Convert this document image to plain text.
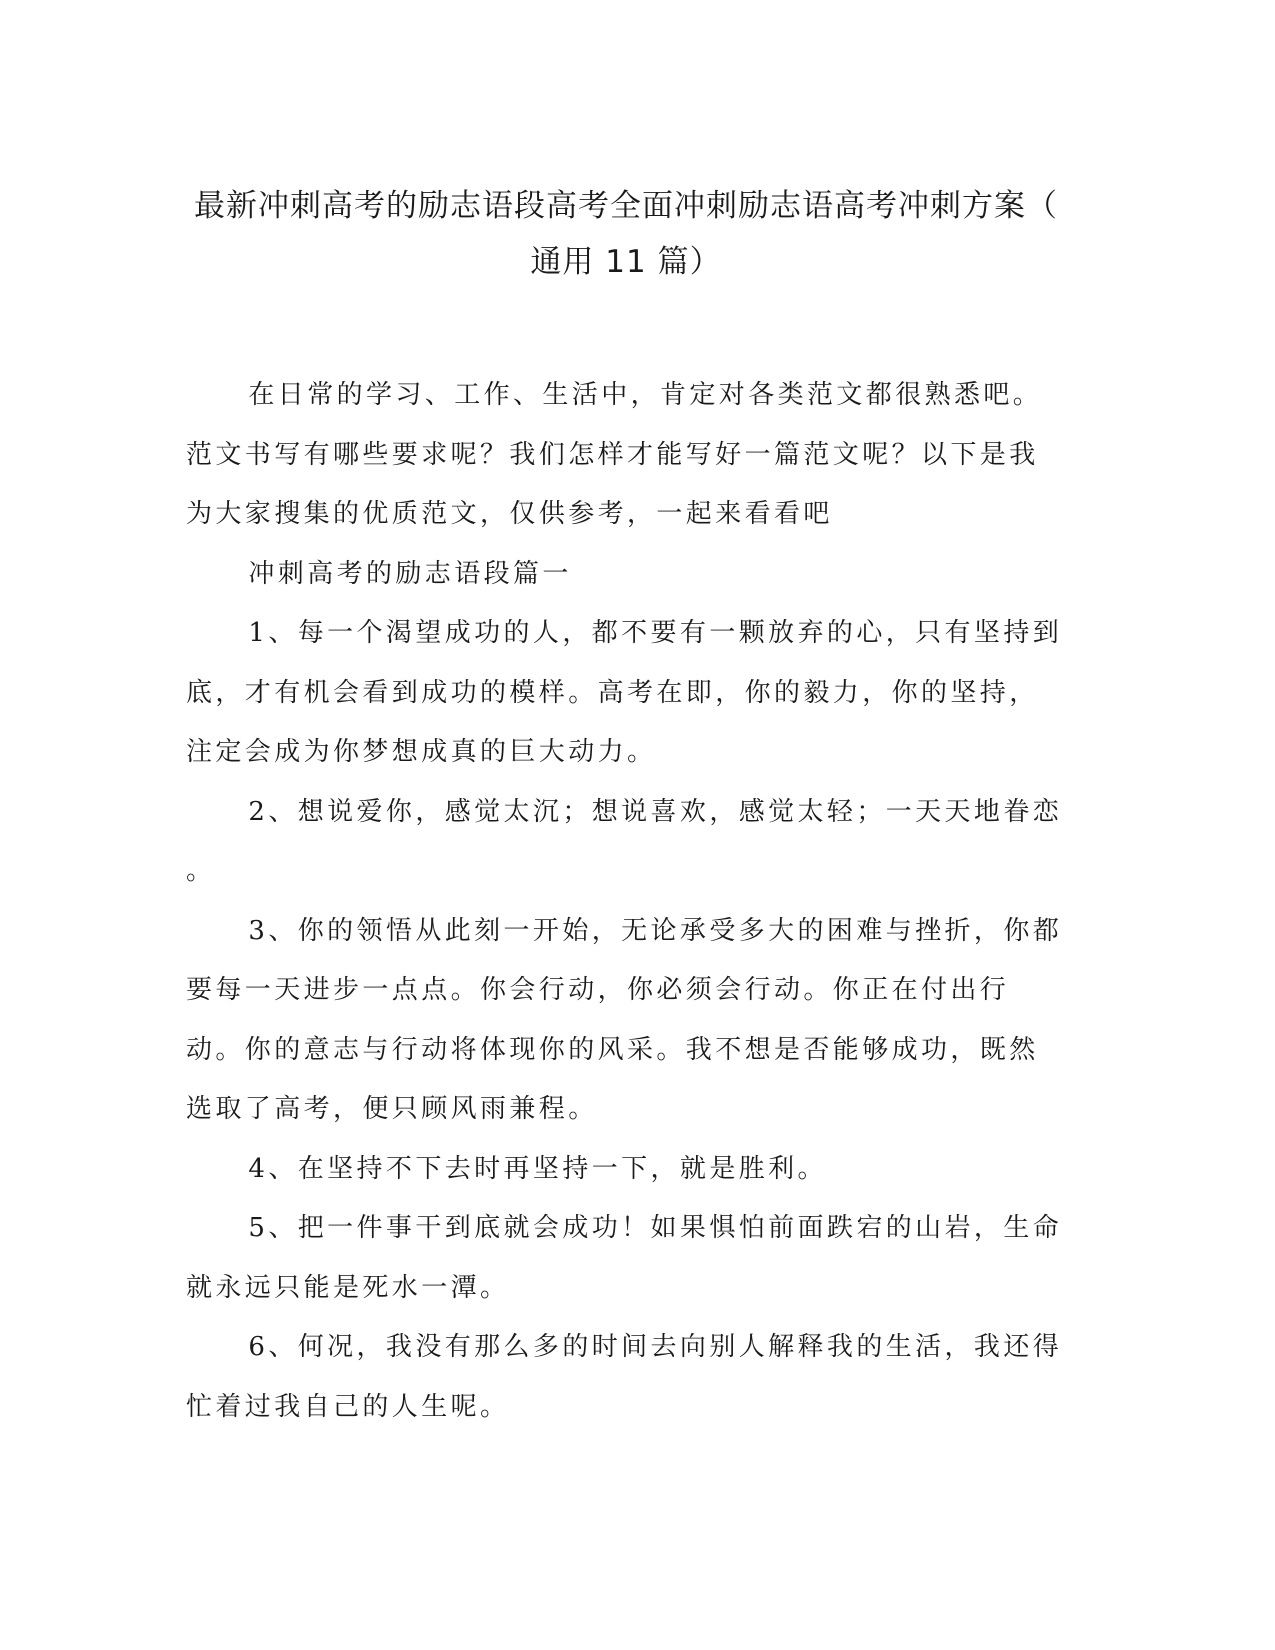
最新冲刺高考的励志语段高考全面冲刺励志语高考冲刺方案（
通用 11 篇）

在日常的学习、工作、生活中，肯定对各类范文都很熟悉吧。范文书写有哪些要求呢？我们怎样才能写好一篇范文呢？以下是我为大家搜集的优质范文，仅供参考，一起来看看吧

冲刺高考的励志语段篇一

1、每一个渴望成功的人，都不要有一颗放弃的心，只有坚持到底，才有机会看到成功的模样。高考在即，你的毅力，你的坚持，注定会成为你梦想成真的巨大动力。

2、想说爱你，感觉太沉；想说喜欢，感觉太轻；一天天地眷恋

。

3、你的领悟从此刻一开始，无论承受多大的困难与挫折，你都要每一天进步一点点。你会行动，你必须会行动。你正在付出行动。你的意志与行动将体现你的风采。我不想是否能够成功，既然选取了高考，便只顾风雨兼程。

4、在坚持不下去时再坚持一下，就是胜利。

5、把一件事干到底就会成功！如果惧怕前面跌宕的山岩，生命就永远只能是死水一潭。

6、何况，我没有那么多的时间去向别人解释我的生活，我还得忙着过我自己的人生呢。
